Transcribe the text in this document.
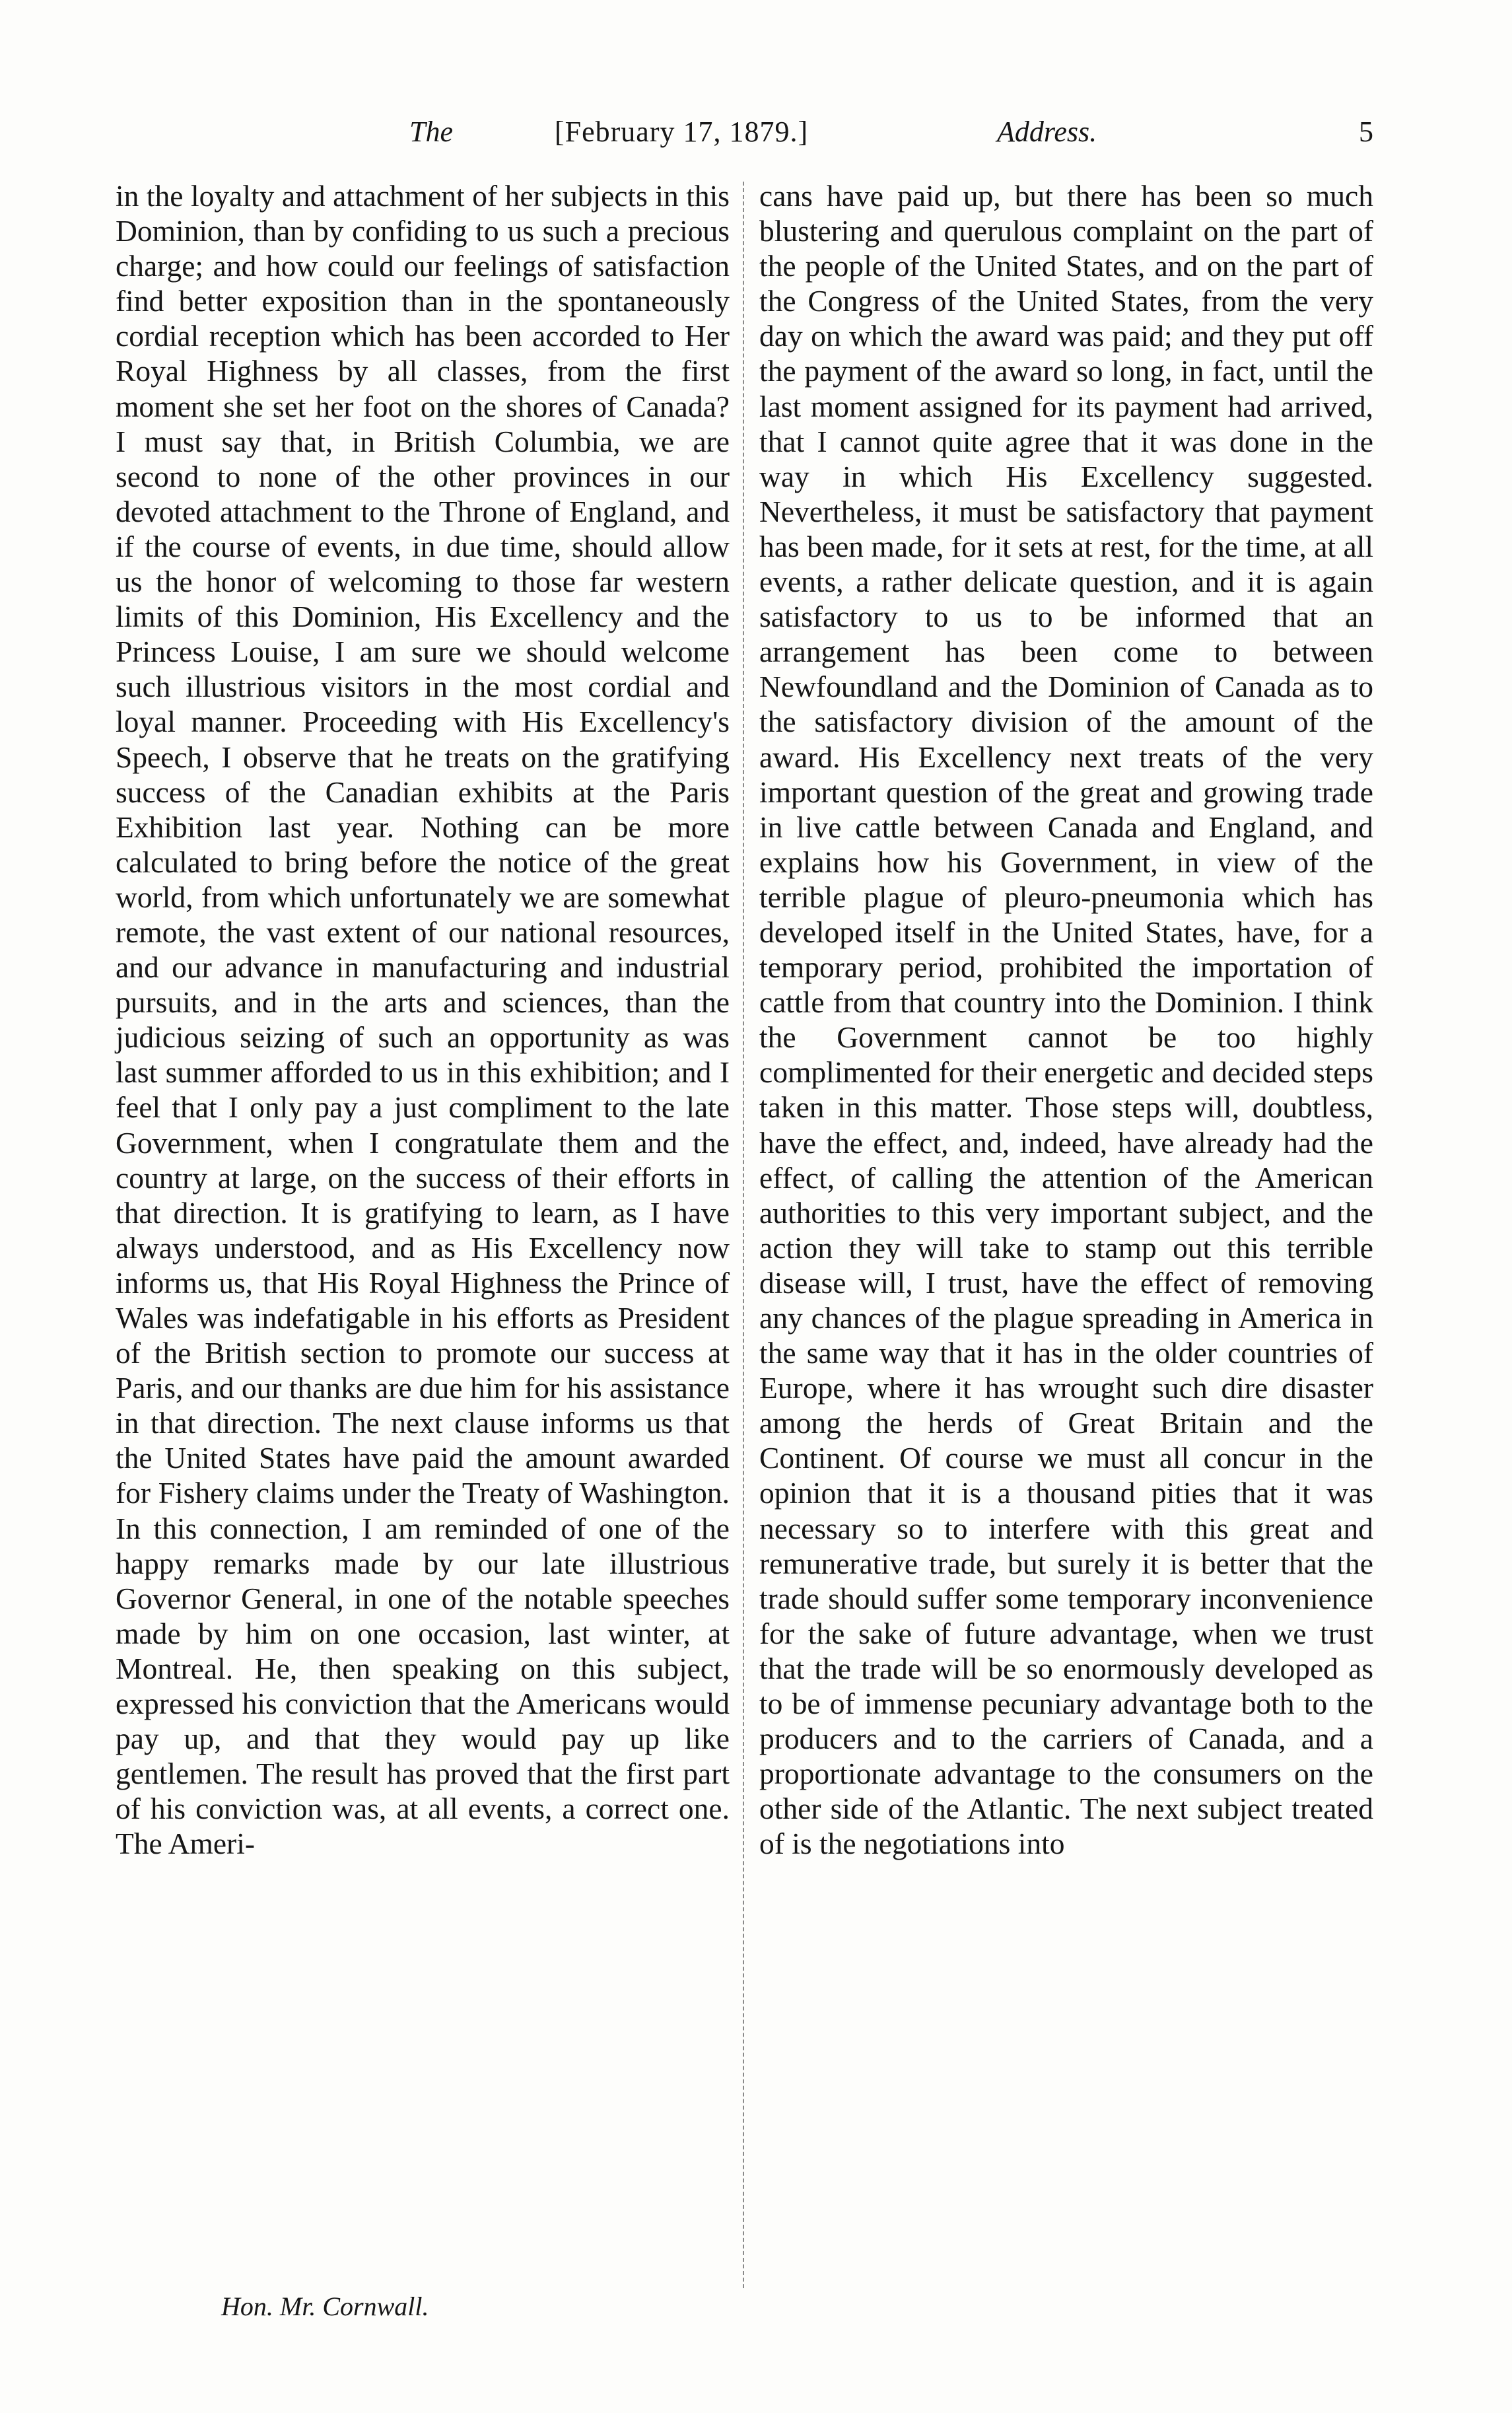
The	[February 17, 1879.]	Address.	5

in the loyalty and attachment of her subjects in this Dominion, than by confiding to us such a precious charge; and how could our feelings of satisfaction find better exposition than in the spontaneously cordial reception which has been accorded to Her Royal Highness by all classes, from the first moment she set her foot on the shores of Canada? I must say that, in British Columbia, we are second to none of the other provinces in our devoted attachment to the Throne of England, and if the course of events, in due time, should allow us the honor of welcoming to those far western limits of this Dominion, His Excellency and the Princess Louise, I am sure we should welcome such illustrious visitors in the most cordial and loyal manner. Proceeding with His Excellency's Speech, I observe that he treats on the gratifying success of the Canadian exhibits at the Paris Exhibition last year. Nothing can be more calculated to bring before the notice of the great world, from which unfortunately we are somewhat remote, the vast extent of our national resources, and our advance in manufacturing and industrial pursuits, and in the arts and sciences, than the judicious seizing of such an opportunity as was last summer afforded to us in this exhibition; and I feel that I only pay a just compliment to the late Government, when I congratulate them and the country at large, on the success of their efforts in that direction. It is gratifying to learn, as I have always understood, and as His Excellency now informs us, that His Royal Highness the Prince of Wales was indefatigable in his efforts as President of the British section to promote our success at Paris, and our thanks are due him for his assistance in that direction. The next clause informs us that the United States have paid the amount awarded for Fishery claims under the Treaty of Washington. In this connection, I am reminded of one of the happy remarks made by our late illustrious Governor General, in one of the notable speeches made by him on one occasion, last winter, at Montreal. He, then speaking on this subject, expressed his conviction that the Americans would pay up, and that they would pay up like gentlemen. The result has proved that the first part of his conviction was, at all events, a correct one. The Ameri-

cans have paid up, but there has been so much blustering and querulous complaint on the part of the people of the United States, and on the part of the Congress of the United States, from the very day on which the award was paid; and they put off the payment of the award so long, in fact, until the last moment assigned for its payment had arrived, that I cannot quite agree that it was done in the way in which His Excellency suggested. Nevertheless, it must be satisfactory that payment has been made, for it sets at rest, for the time, at all events, a rather delicate question, and it is again satisfactory to us to be informed that an arrangement has been come to between Newfoundland and the Dominion of Canada as to the satisfactory division of the amount of the award. His Excellency next treats of the very important question of the great and growing trade in live cattle between Canada and England, and explains how his Government, in view of the terrible plague of pleuro-pneumonia which has developed itself in the United States, have, for a temporary period, prohibited the importation of cattle from that country into the Dominion. I think the Government cannot be too highly complimented for their energetic and decided steps taken in this matter. Those steps will, doubtless, have the effect, and, indeed, have already had the effect, of calling the attention of the American authorities to this very important subject, and the action they will take to stamp out this terrible disease will, I trust, have the effect of removing any chances of the plague spreading in America in the same way that it has in the older countries of Europe, where it has wrought such dire disaster among the herds of Great Britain and the Continent. Of course we must all concur in the opinion that it is a thousand pities that it was necessary so to interfere with this great and remunerative trade, but surely it is better that the trade should suffer some temporary inconvenience for the sake of future advantage, when we trust that the trade will be so enormously developed as to be of immense pecuniary advantage both to the producers and to the carriers of Canada, and a proportionate advantage to the consumers on the other side of the Atlantic. The next subject treated of is the negotiations into

Hon. Mr. Cornwall.
